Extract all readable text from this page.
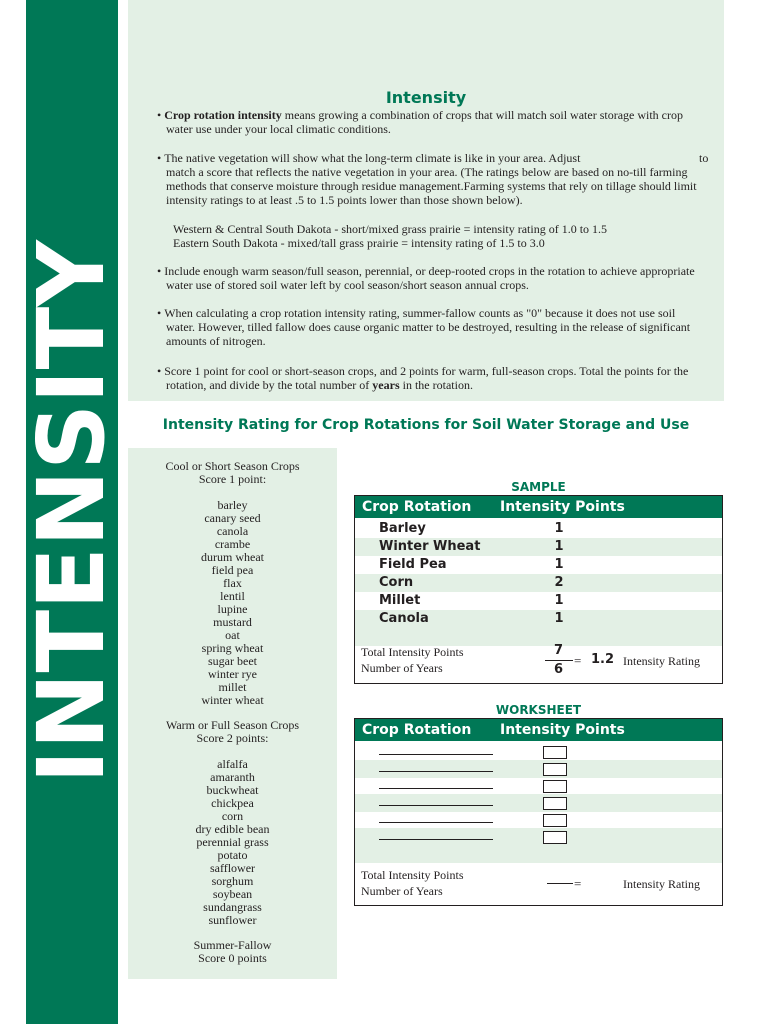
INTENSITY
Intensity
• Crop rotation intensity means growing a combination of crops that will match soil water storage with crop
water use under your local climatic conditions.
• The native vegetation will show what the long-term climate is like in your area. Adjust	to
match a score that reflects the native vegetation in your area. (The ratings below are based on no-till farming
methods that conserve moisture through residue management.Farming systems that rely on tillage should limit
intensity ratings to at least .5 to 1.5 points lower than those shown below).
Western & Central South Dakota - short/mixed grass prairie = intensity rating of 1.0 to 1.5
Eastern South Dakota - mixed/tall grass prairie = intensity rating of 1.5 to 3.0
• Include enough warm season/full season, perennial, or deep-rooted crops in the rotation to achieve appropriate
water use of stored soil water left by cool season/short season annual crops.
• When calculating a crop rotation intensity rating, summer-fallow counts as "0" because it does not use soil
water. However, tilled fallow does cause organic matter to be destroyed, resulting in the release of significant
amounts of nitrogen.
• Score 1 point for cool or short-season crops, and 2 points for warm, full-season crops. Total the points for the
rotation, and divide by the total number of years in the rotation.
Intensity Rating for Crop Rotations for Soil Water Storage and Use
Cool or Short Season Crops
Score 1 point:
barley
canary seed
canola
crambe
durum wheat
field pea
flax
lentil
lupine
mustard
oat
spring wheat
sugar beet
winter rye
millet
winter wheat
Warm or Full Season Crops
Score 2 points:
alfalfa
amaranth
buckwheat
chickpea
corn
dry edible bean
perennial grass
potato
safflower
sorghum
soybean
sundangrass
sunflower
Summer-Fallow
Score 0 points
SAMPLE
Crop Rotation Intensity Points
Barley	1
Winter Wheat	1
Field Pea	1
Corn	2
Millet	1
Canola	1
Total Intensity Points
Number of Years
7
6
= 1.2 Intensity Rating
WORKSHEET
Crop Rotation Intensity Points
Total Intensity Points
Number of Years	=	Intensity Rating
